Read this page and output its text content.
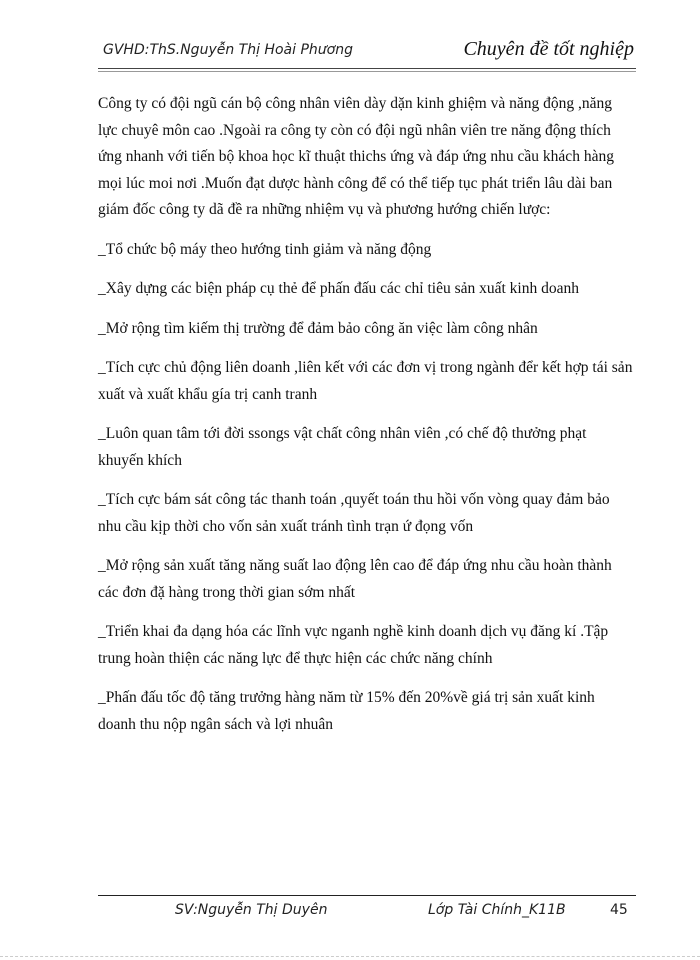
GVHD:ThS.Nguyễn Thị Hoài Phương	Chuyên đề tốt nghiệp

Công ty có đội ngũ cán bộ công nhân viên dày dặn kinh ghiệm và năng động ,năng lực chuyê môn cao .Ngoài ra công ty còn có đội ngũ nhân viên tre năng động thích ứng nhanh với tiến bộ khoa học kĩ thuật thichs ứng và đáp ứng nhu cầu khách hàng mọi lúc moi nơi .Muốn đạt dược hành công để có thể tiếp tục phát triển lâu dài ban giám đốc công ty dã đề ra những nhiệm vụ và phương hướng chiến lược:

_Tổ chức bộ máy theo hướng tinh giảm và năng động

_Xây dựng các biện pháp cụ thẻ để phấn đấu các chỉ tiêu sản xuất kinh doanh

_Mở rộng tìm kiếm thị trường để đảm bảo công ăn việc làm công nhân

_Tích cực chủ động liên doanh ,liên kết với các đơn vị trong ngành đểr kết hợp tái sản xuất và xuất khẩu gía trị canh tranh

_Luôn quan tâm tới đời ssongs vật chất công nhân viên ,có chế độ thưởng phạt khuyến khích

_Tích cực bám sát công tác thanh toán ,quyết toán thu hồi vốn vòng quay đảm bảo nhu cầu kịp thời cho vốn sản xuất tránh tình trạn ứ đọng vốn

_Mở rộng sản xuất tăng năng suất lao động lên cao để đáp ứng nhu cầu hoàn thành các đơn đặ hàng trong thời gian sớm nhất

_Triển khai đa dạng hóa các lĩnh vực nganh nghề kinh doanh dịch vụ đăng kí .Tập trung hoàn thiện các năng lực để thực hiện các chức năng chính

_Phấn đấu tốc độ tăng trưởng hàng năm từ 15% đến 20%về giá trị sản xuất kinh doanh thu nộp ngân sách và lợi nhuân

SV:Nguyễn Thị Duyên	Lớp Tài Chính_K11B	45
